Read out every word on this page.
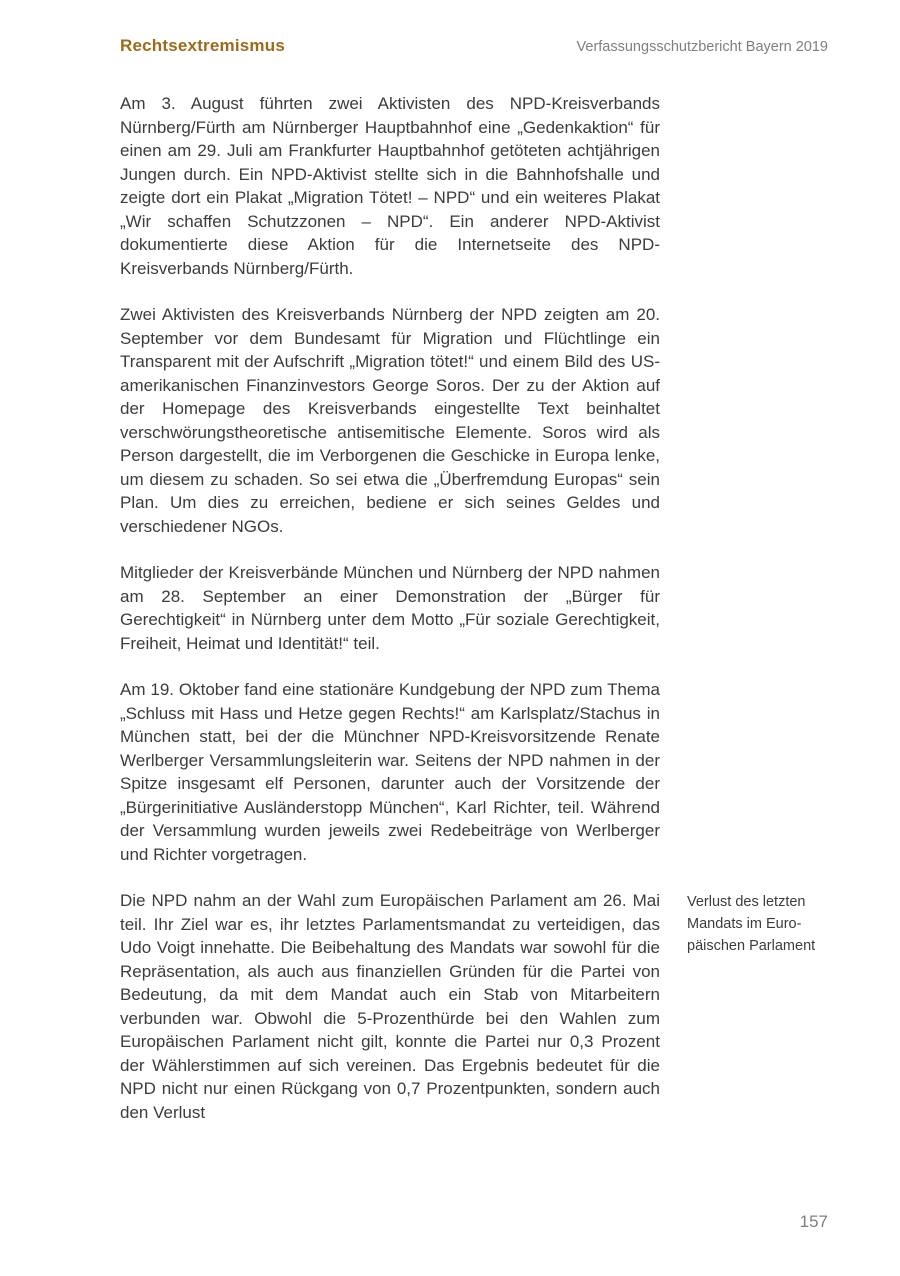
Rechtsextremismus	Verfassungsschutzbericht Bayern 2019

Am 3. August führten zwei Aktivisten des NPD-Kreisverbands Nürnberg/Fürth am Nürnberger Hauptbahnhof eine „Gedenkaktion“ für einen am 29. Juli am Frankfurter Hauptbahnhof getöteten achtjährigen Jungen durch. Ein NPD-Aktivist stellte sich in die Bahnhofshalle und zeigte dort ein Plakat „Migration Tötet! – NPD“ und ein weiteres Plakat „Wir schaffen Schutzzonen – NPD“. Ein anderer NPD-Aktivist dokumentierte diese Aktion für die Internetseite des NPD-Kreisverbands Nürnberg/Fürth.

Zwei Aktivisten des Kreisverbands Nürnberg der NPD zeigten am 20. September vor dem Bundesamt für Migration und Flüchtlinge ein Transparent mit der Aufschrift „Migration tötet!“ und einem Bild des US-amerikanischen Finanzinvestors George Soros. Der zu der Aktion auf der Homepage des Kreisverbands eingestellte Text beinhaltet verschwörungstheoretische antisemitische Elemente. Soros wird als Person dargestellt, die im Verborgenen die Geschicke in Europa lenke, um diesem zu schaden. So sei etwa die „Überfremdung Europas“ sein Plan. Um dies zu erreichen, bediene er sich seines Geldes und verschiedener NGOs.

Mitglieder der Kreisverbände München und Nürnberg der NPD nahmen am 28. September an einer Demonstration der „Bürger für Gerechtigkeit“ in Nürnberg unter dem Motto „Für soziale Gerechtigkeit, Freiheit, Heimat und Identität!“ teil.

Am 19. Oktober fand eine stationäre Kundgebung der NPD zum Thema „Schluss mit Hass und Hetze gegen Rechts!“ am Karlsplatz/Stachus in München statt, bei der die Münchner NPD-Kreisvorsitzende Renate Werlberger Versammlungsleiterin war. Seitens der NPD nahmen in der Spitze insgesamt elf Personen, darunter auch der Vorsitzende der „Bürgerinitiative Ausländerstopp München“, Karl Richter, teil. Während der Versammlung wurden jeweils zwei Redebeiträge von Werlberger und Richter vorgetragen.

Die NPD nahm an der Wahl zum Europäischen Parlament am 26. Mai teil. Ihr Ziel war es, ihr letztes Parlamentsmandat zu verteidigen, das Udo Voigt innehatte. Die Beibehaltung des Mandats war sowohl für die Repräsentation, als auch aus finanziellen Gründen für die Partei von Bedeutung, da mit dem Mandat auch ein Stab von Mitarbeitern verbunden war. Obwohl die 5-Prozenthürde bei den Wahlen zum Europäischen Parlament nicht gilt, konnte die Partei nur 0,3 Prozent der Wählerstimmen auf sich vereinen. Das Ergebnis bedeutet für die NPD nicht nur einen Rückgang von 0,7 Prozentpunkten, sondern auch den Verlust

Verlust des letzten
Mandats im Euro-
päischen Parlament
157
